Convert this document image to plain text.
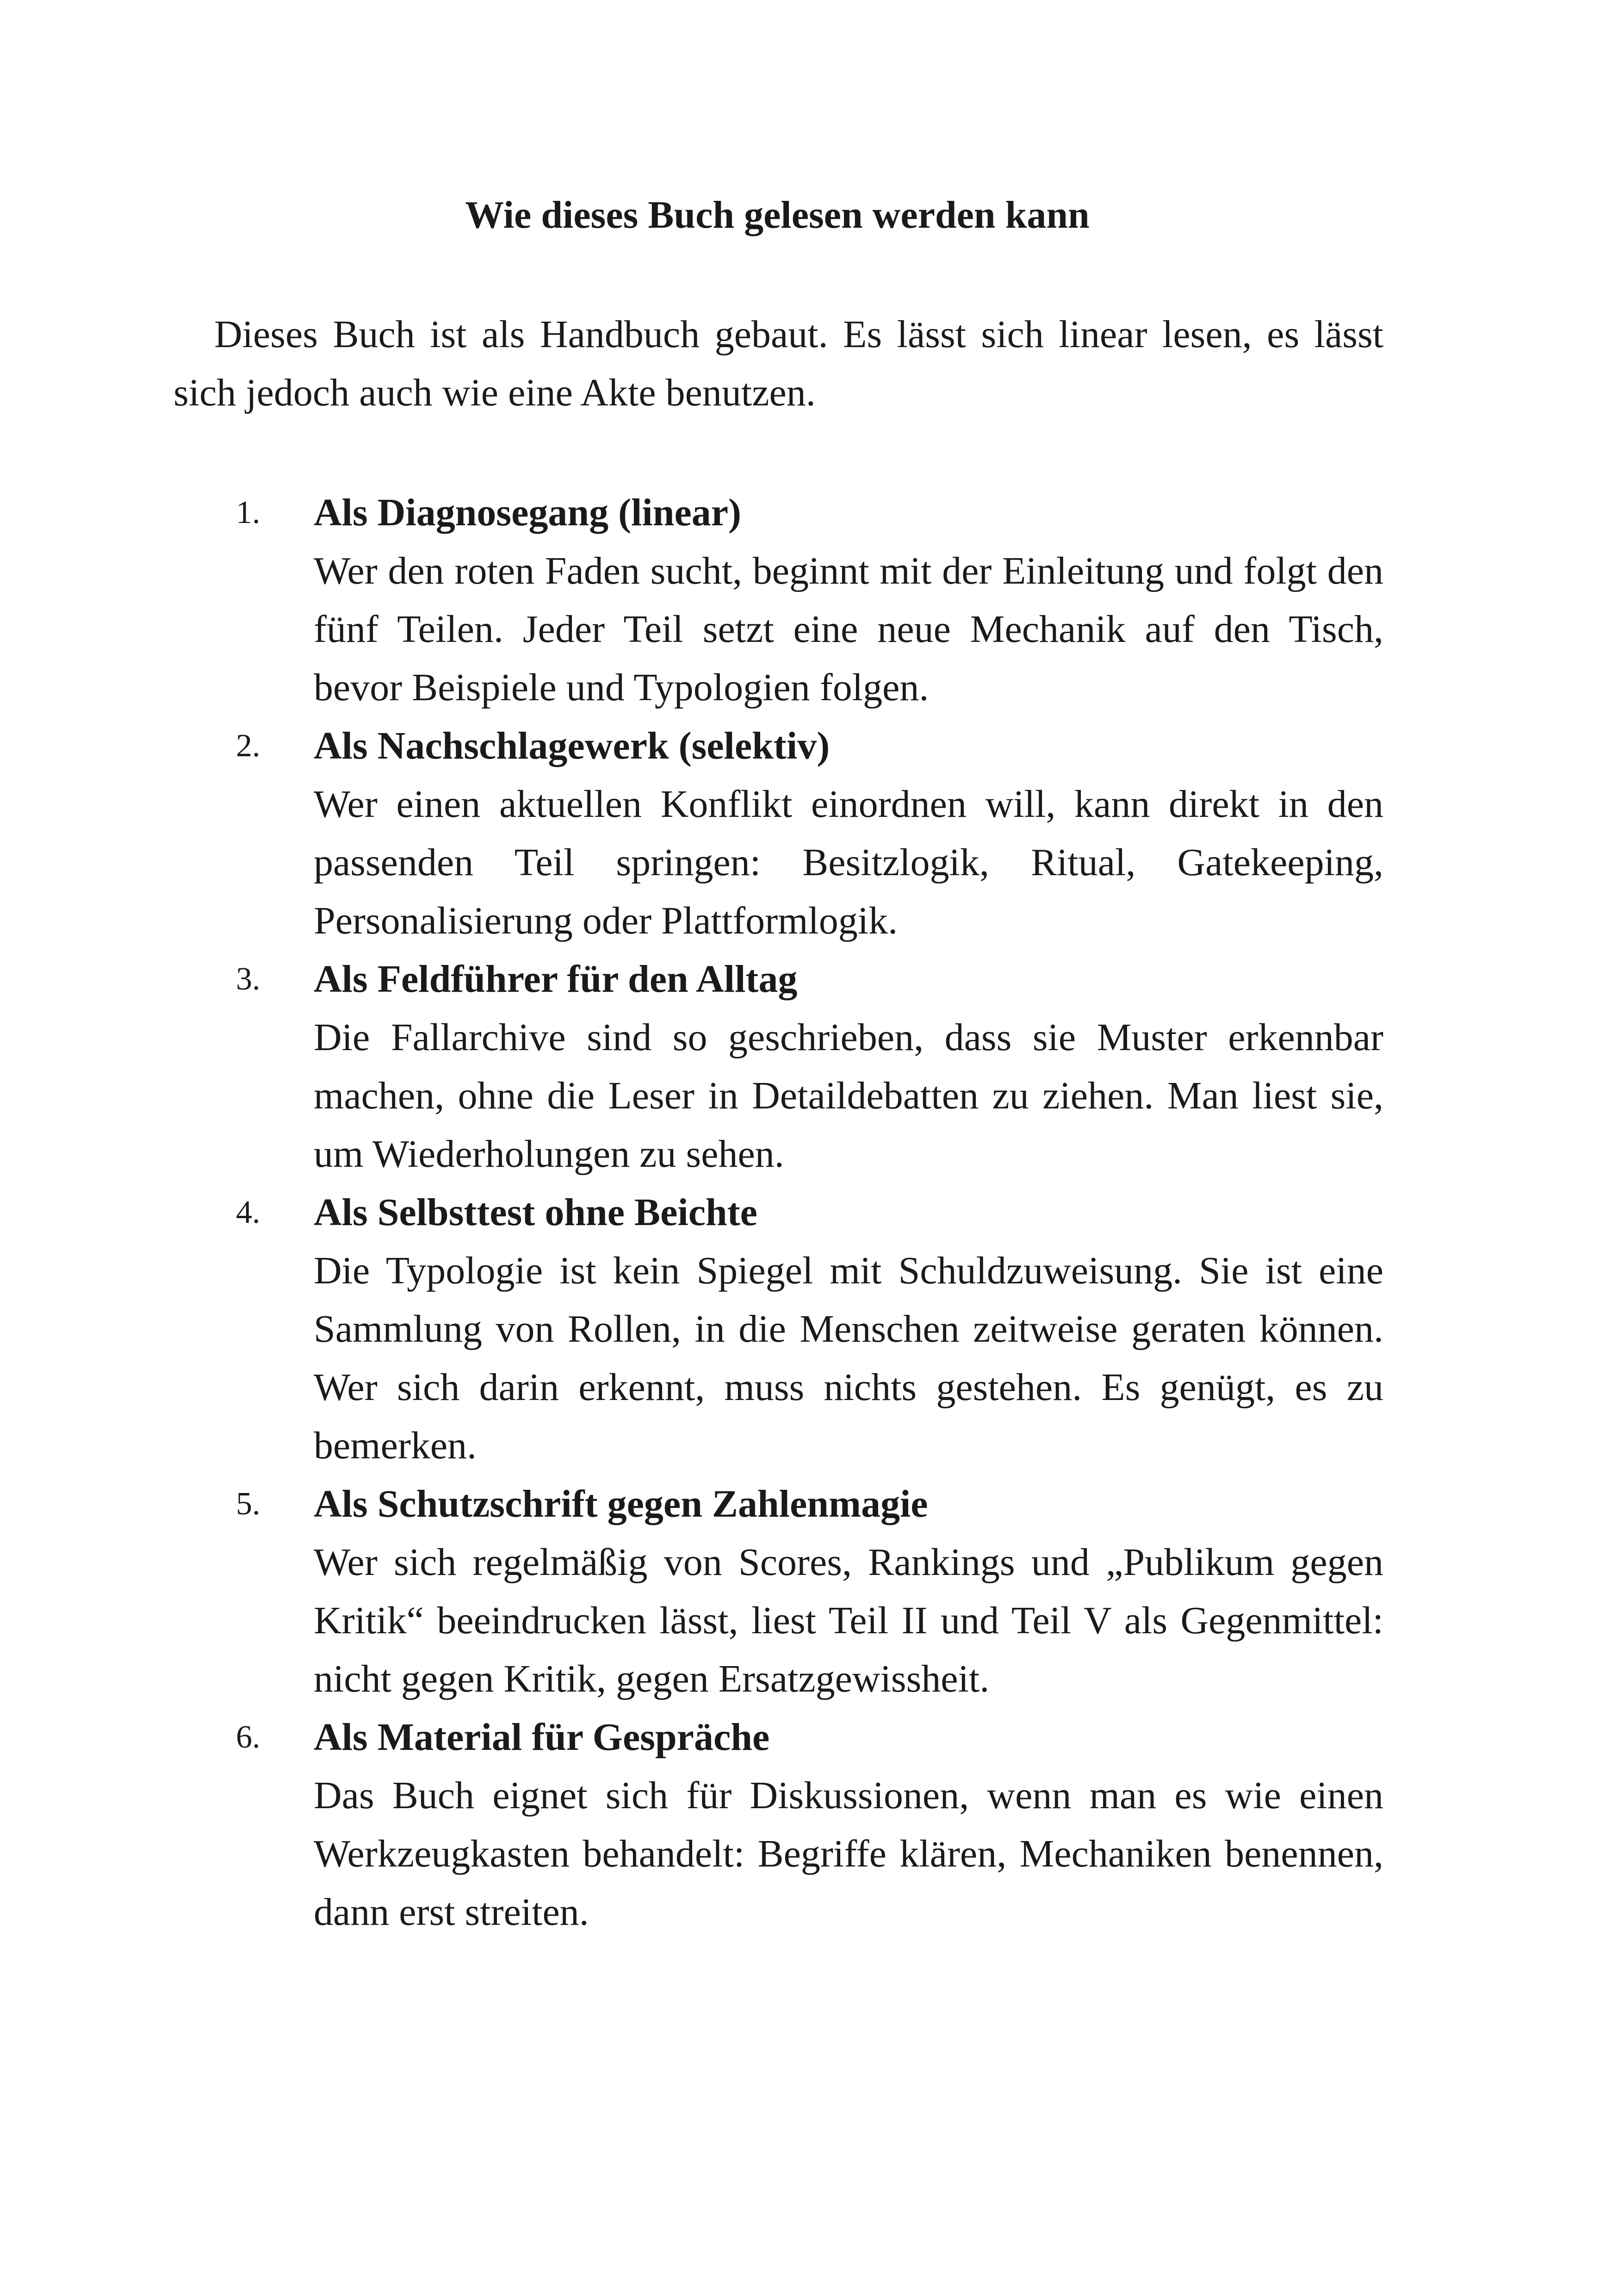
Wie dieses Buch gelesen werden kann

Dieses Buch ist als Handbuch gebaut. Es lässt sich linear lesen, es lässt sich jedoch auch wie eine Akte benutzen.

1. Als Diagnosegang (linear)
Wer den roten Faden sucht, beginnt mit der Einleitung und folgt den fünf Teilen. Jeder Teil setzt eine neue Mechanik auf den Tisch, bevor Beispiele und Typologien folgen.
2. Als Nachschlagewerk (selektiv)
Wer einen aktuellen Konflikt einordnen will, kann direkt in den passenden Teil springen: Besitzlogik, Ritual, Gatekeeping, Personalisierung oder Plattformlogik.
3. Als Feldführer für den Alltag
Die Fallarchive sind so geschrieben, dass sie Muster erkennbar machen, ohne die Leser in Detaildebatten zu ziehen. Man liest sie, um Wiederholungen zu sehen.
4. Als Selbsttest ohne Beichte
Die Typologie ist kein Spiegel mit Schuldzuweisung. Sie ist eine Sammlung von Rollen, in die Menschen zeitweise geraten können. Wer sich darin erkennt, muss nichts gestehen. Es genügt, es zu bemerken.
5. Als Schutzschrift gegen Zahlenmagie
Wer sich regelmäßig von Scores, Rankings und „Publikum gegen Kritik“ beeindrucken lässt, liest Teil II und Teil V als Gegenmittel: nicht gegen Kritik, gegen Ersatzgewissheit.
6. Als Material für Gespräche
Das Buch eignet sich für Diskussionen, wenn man es wie einen Werkzeugkasten behandelt: Begriffe klären, Mechaniken benennen, dann erst streiten.
